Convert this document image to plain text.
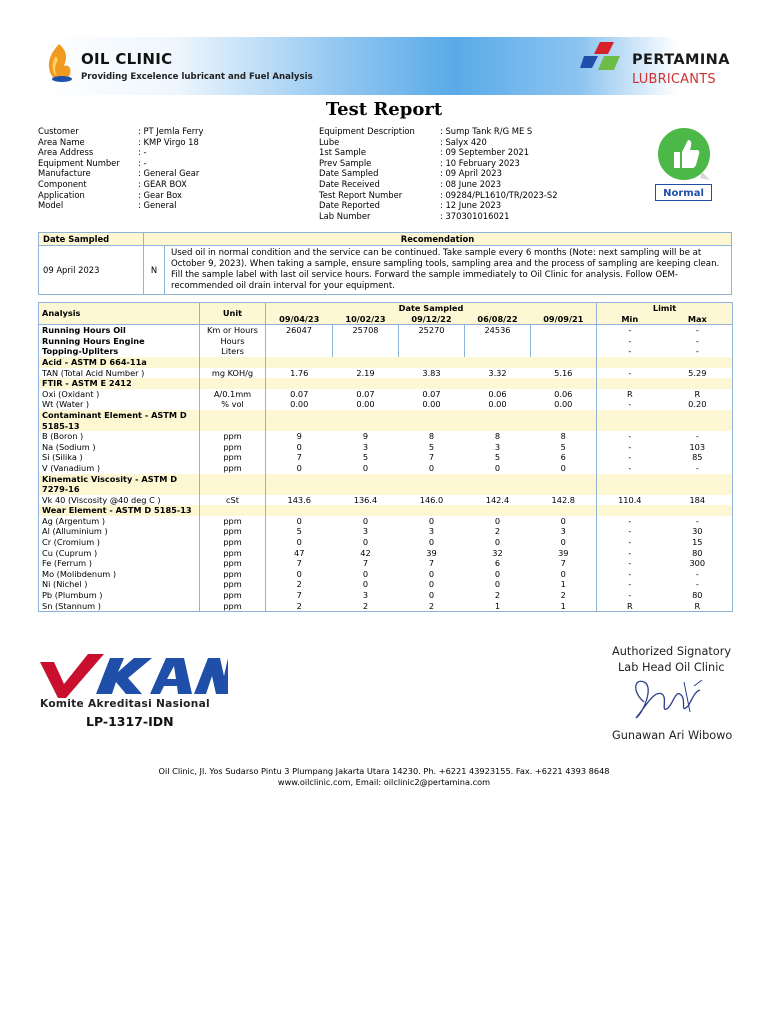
OIL CLINIC
Providing Excelence lubricant and Fuel Analysis
PERTAMINA
LUBRICANTS
Test Report
Customer	: PT Jemla Ferry
Area Name	: KMP Virgo 18
Area Address	: -
Equipment Number	: -
Manufacture	: General Gear
Component	: GEAR BOX
Application	: Gear Box
Model	: General
Equipment Description	: Sump Tank R/G ME S
Lube	: Salyx 420
1st Sample	: 09 September 2021
Prev Sample	: 10 February 2023
Date Sampled	: 09 April 2023
Date Received	: 08 June 2023
Test Report Number	: 09284/PL1610/TR/2023-S2
Date Reported	: 12 June 2023
Lab Number	: 370301016021
Normal
Date Sampled	Recomendation	
09 April 2023	N	Used oil in normal condition and the service can be continued. Take sample every 6 months (Note: next sampling will be at October 9, 2023). When taking a sample, ensure sampling tools, sampling area and the process of sampling are keeping clean. Fill the sample label with last oil service hours. Forward the sample immediately to Oil Clinic for analysis. Follow OEM-recommended oil drain interval for your equipment.
Analysis	Unit	Date Sampled					Limit	
		09/04/23	10/02/23	09/12/22	06/08/22	09/09/21	Min	Max
Running Hours Oil	Km or Hours	26047	25708	25270	24536		-	-
Running Hours Engine	Hours						-	-
Topping-Upliters	Liters						-	-
Acid - ASTM D 664-11a								
TAN (Total Acid Number )	mg KOH/g	1.76	2.19	3.83	3.32	5.16	-	5.29
FTIR - ASTM E 2412								
Oxi (Oxidant )	A/0.1mm	0.07	0.07	0.07	0.06	0.06	R	R
Wt (Water )	% vol	0.00	0.00	0.00	0.00	0.00	-	0.20
Contaminant Element - ASTM D 5185-13								
B (Boron )	ppm	9	9	8	8	8	-	-
Na (Sodium )	ppm	0	3	5	3	5	-	103
Si (Silika )	ppm	7	5	7	5	6	-	85
V (Vanadium )	ppm	0	0	0	0	0	-	-
Kinematic Viscosity - ASTM D 7279-16								
Vk 40 (Viscosity @40 deg C )	cSt	143.6	136.4	146.0	142.4	142.8	110.4	184
Wear Element - ASTM D 5185-13								
Ag (Argentum )	ppm	0	0	0	0	0	-	-
Al (Alluminium )	ppm	5	3	3	2	3	-	30
Cr (Cromium )	ppm	0	0	0	0	0	-	15
Cu (Cuprum )	ppm	47	42	39	32	39	-	80
Fe (Ferrum )	ppm	7	7	7	6	7	-	300
Mo (Molibdenum )	ppm	0	0	0	0	0	-	-
Ni (Nichel )	ppm	2	0	0	0	1	-	-
Pb (Plumbum )	ppm	7	3	0	2	2	-	80
Sn (Stannum )	ppm	2	2	2	1	1	R	R
Komite Akreditasi Nasional
LP-1317-IDN
Authorized Signatory
Lab Head Oil Clinic
Gunawan Ari Wibowo
Oil Clinic, Jl. Yos Sudarso Pintu 3 Plumpang Jakarta Utara 14230. Ph. +6221 43923155. Fax. +6221 4393 8648
www.oilclinic.com, Email: oilclinic2@pertamina.com
